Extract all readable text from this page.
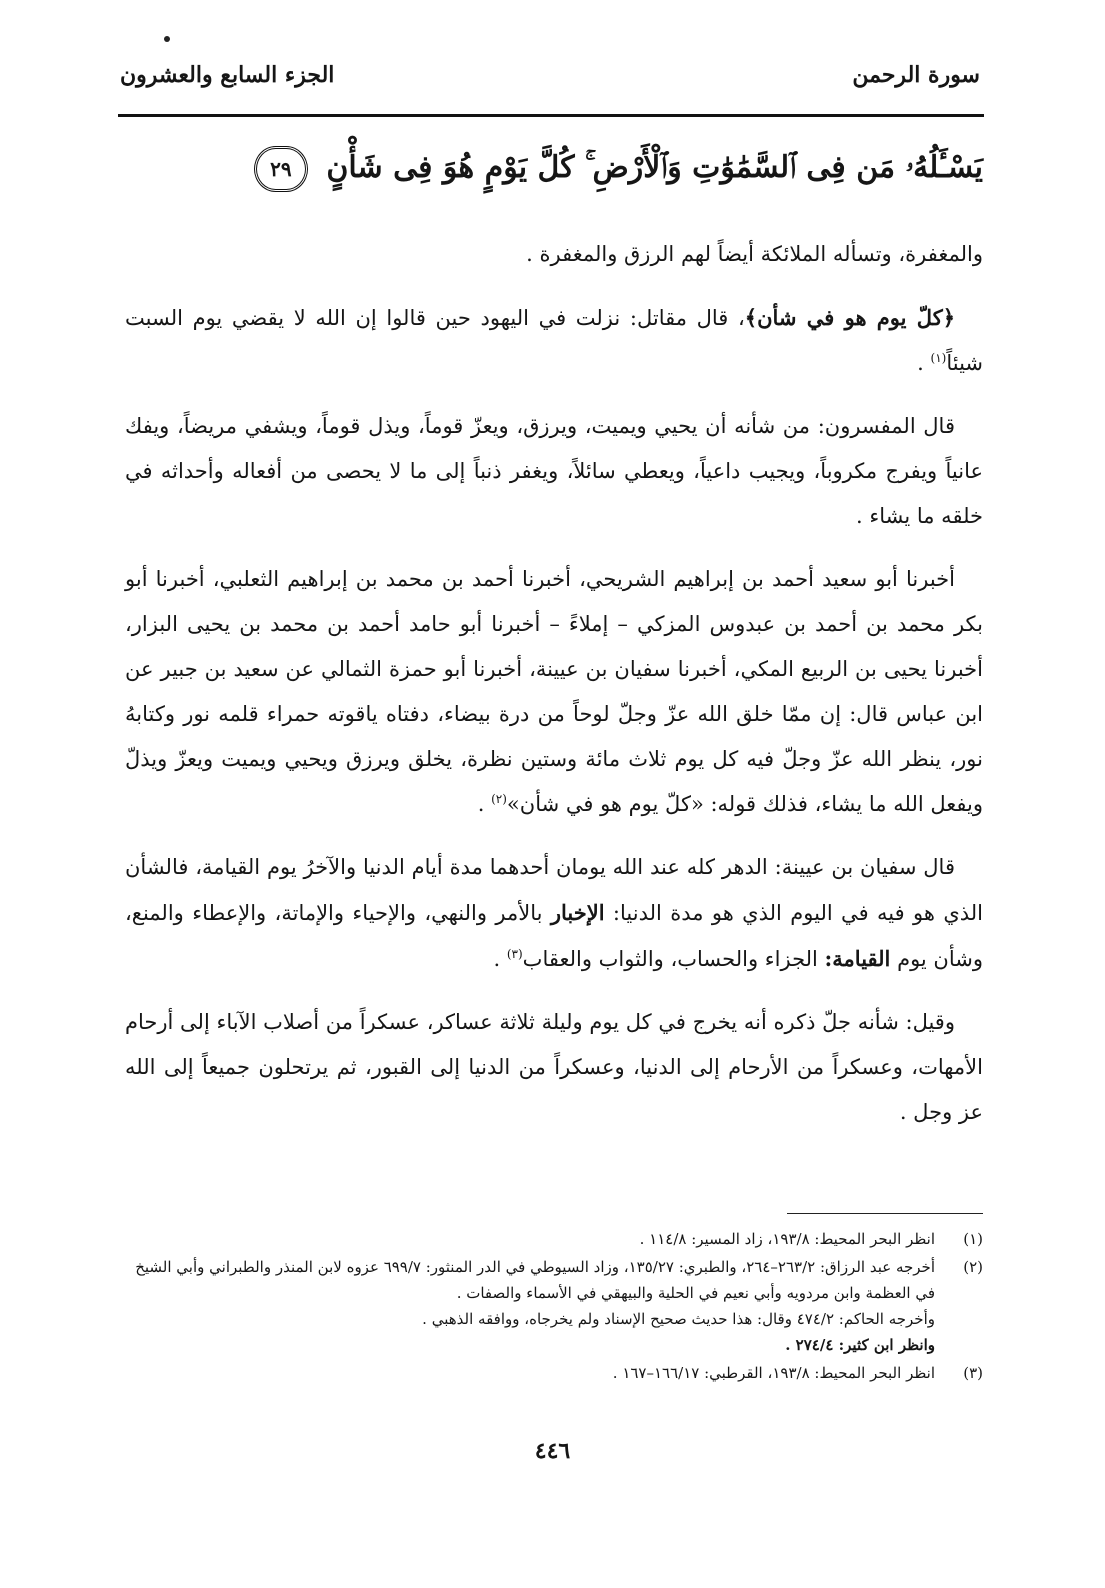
سورة الرحمن
الجزء السابع والعشرون
يَسْـَٔلُهُۥ مَن فِى ٱلسَّمَٰوَٰتِ وَٱلْأَرْضِ ۚ كُلَّ يَوْمٍ هُوَ فِى شَأْنٍ ٢٩

والمغفرة، وتسأله الملائكة أيضاً لهم الرزق والمغفرة .

﴿كلّ يوم هو في شأن﴾، قال مقاتل: نزلت في اليهود حين قالوا إن الله لا يقضي يوم السبت شيئاً$^{(١)}$ .

قال المفسرون: من شأنه أن يحيي ويميت، ويرزق، ويعزّ قوماً، ويذل قوماً، ويشفي مريضاً، ويفك عانياً ويفرج مكروباً، ويجيب داعياً، ويعطي سائلاً، ويغفر ذنباً إلى ما لا يحصى من أفعاله وأحداثه في خلقه ما يشاء .

أخبرنا أبو سعيد أحمد بن إبراهيم الشريحي، أخبرنا أحمد بن محمد بن إبراهيم الثعلبي، أخبرنا أبو بكر محمد بن أحمد بن عبدوس المزكي – إملاءً – أخبرنا أبو حامد أحمد بن محمد بن يحيى البزار، أخبرنا يحيى بن الربيع المكي، أخبرنا سفيان بن عيينة، أخبرنا أبو حمزة الثمالي عن سعيد بن جبير عن ابن عباس قال: إن ممّا خلق الله عزّ وجلّ لوحاً من درة بيضاء، دفتاه ياقوته حمراء قلمه نور وكتابهُ نور، ينظر الله عزّ وجلّ فيه كل يوم ثلاث مائة وستين نظرة، يخلق ويرزق ويحيي ويميت ويعزّ ويذلّ ويفعل الله ما يشاء، فذلك قوله: «كلّ يوم هو في شأن»$^{(٢)}$ .

قال سفيان بن عيينة: الدهر كله عند الله يومان أحدهما مدة أيام الدنيا والآخرُ يوم القيامة، فالشأن الذي هو فيه في اليوم الذي هو مدة الدنيا: الإخبار بالأمر والنهي، والإحياء والإماتة، والإعطاء والمنع، وشأن يوم القيامة: الجزاء والحساب، والثواب والعقاب$^{(٣)}$ .

وقيل: شأنه جلّ ذكره أنه يخرج في كل يوم وليلة ثلاثة عساكر، عسكراً من أصلاب الآباء إلى أرحام الأمهات، وعسكراً من الأرحام إلى الدنيا، وعسكراً من الدنيا إلى القبور، ثم يرتحلون جميعاً إلى الله عز وجل .

(١)
انظر البحر المحيط: ١٩٣/٨، زاد المسير: ١١٤/٨ .
(٢)
أخرجه عبد الرزاق: ٢٦٣/٢–٢٦٤، والطبري: ١٣٥/٢٧، وزاد السيوطي في الدر المنثور: ٦٩٩/٧ عزوه لابن المنذر والطبراني وأبي الشيخ في العظمة وابن مردويه وأبي نعيم في الحلية والبيهقي في الأسماء والصفات .
وأخرجه الحاكم: ٤٧٤/٢ وقال: هذا حديث صحيح الإسناد ولم يخرجاه، ووافقه الذهبي .
وانظر ابن كثير: ٢٧٤/٤ .
(٣)
انظر البحر المحيط: ١٩٣/٨، القرطبي: ١٦٦/١٧–١٦٧ .
٤٤٦
